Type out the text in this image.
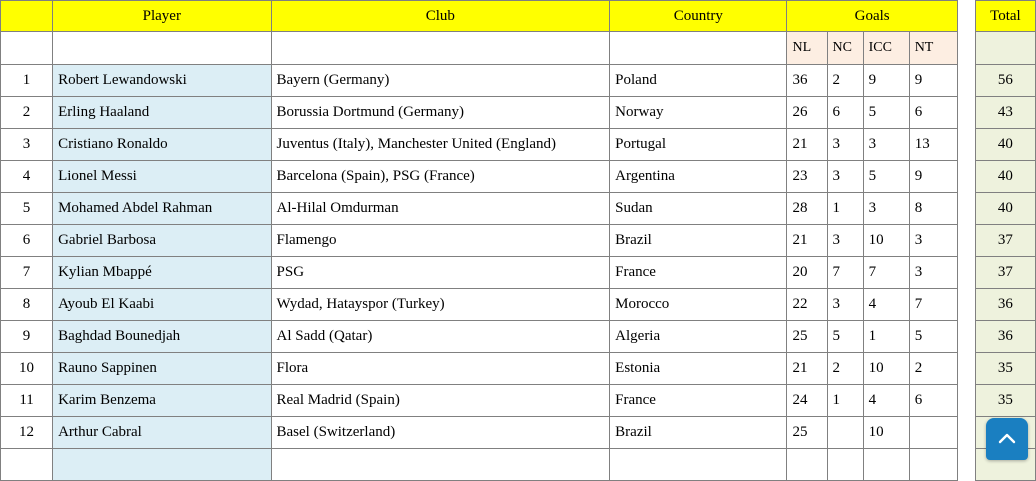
	Player	Club	Country	Goals					Total
				NL	NC	ICC	NT		
1	Robert Lewandowski	Bayern (Germany)	Poland	36	2	9	9		56
2	Erling Haaland	Borussia Dortmund (Germany)	Norway	26	6	5	6		43
3	Cristiano Ronaldo	Juventus (Italy), Manchester United (England)	Portugal	21	3	3	13		40
4	Lionel Messi	Barcelona (Spain), PSG (France)	Argentina	23	3	5	9		40
5	Mohamed Abdel Rahman	Al-Hilal Omdurman	Sudan	28	1	3	8		40
6	Gabriel Barbosa	Flamengo	Brazil	21	3	10	3		37
7	Kylian Mbappé	PSG	France	20	7	7	3		37
8	Ayoub El Kaabi	Wydad, Hatayspor (Turkey)	Morocco	22	3	4	7		36
9	Baghdad Bounedjah	Al Sadd (Qatar)	Algeria	25	5	1	5		36
10	Rauno Sappinen	Flora	Estonia	21	2	10	2		35
11	Karim Benzema	Real Madrid (Spain)	France	24	1	4	6		35
12	Arthur Cabral	Basel (Switzerland)	Brazil	25		10			
